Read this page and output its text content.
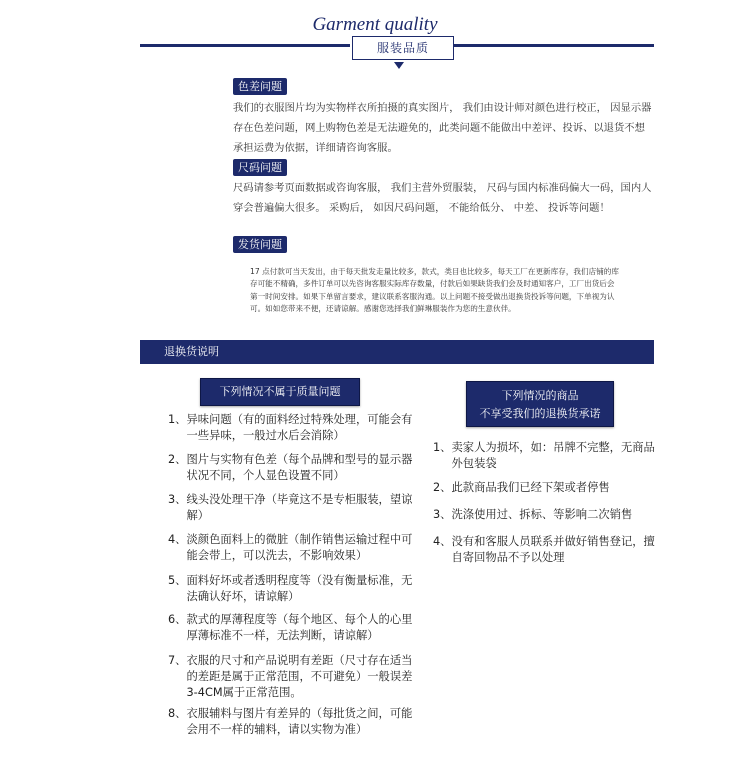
Garment quality
服装品质
色差问题
我们的衣服图片均为实物样衣所拍摄的真实图片， 我们由设计师对颜色进行校正， 因显示器存在色差问题，网上购物色差是无法避免的，此类问题不能做出中差评、投诉、以退货不想承担运费为依据，详细请咨询客服。
尺码问题
尺码请参考页面数据或咨询客服， 我们主营外贸服装， 尺码与国内标准码偏大一码，国内人穿会普遍偏大很多。 采购后， 如因尺码问题， 不能给低分、 中差、 投诉等问题！
发货问题
17 点付款可当天发出，由于每天批发走量比较多，款式，类目也比较多，每天工厂在更新库存，我们店铺的库存可能不精确，多件订单可以先咨询客服实际库存数量，付款后如果缺货我们会及时通知客户，工厂出货后会第一时间安排。如果下单留言要求，建议联系客服沟通。以上问题不接受做出退换货投诉等问题，下单视为认可。如如您带来不便，还请谅解。感谢您选择我们鲜琳服装作为您的生意伙伴。
退换货说明
下列情况不属于质量问题
1、 异味问题（有的面料经过特殊处理，可能会有一些异味，一般过水后会消除）
2、 图片与实物有色差（每个品牌和型号的显示器状况不同，个人显色设置不同）
3、 线头没处理干净（毕竟这不是专柜服装，望谅解）
4、 淡颜色面料上的微脏（制作销售运输过程中可能会带上，可以洗去，不影响效果）
5、 面料好坏或者透明程度等（没有衡量标准，无法确认好坏，请谅解）
6、 款式的厚薄程度等（每个地区、每个人的心里厚薄标准不一样，无法判断，请谅解）
7、 衣服的尺寸和产品说明有差距（尺寸存在适当的差距是属于正常范围，不可避免）一般误差3-4CM属于正常范围。
8、 衣服辅料与图片有差异的（每批货之间，可能会用不一样的辅料，请以实物为准）
下列情况的商品
不享受我们的退换货承诺
1、 卖家人为损坏，如：吊牌不完整，无商品外包装袋
2、 此款商品我们已经下架或者停售
3、 洗涤使用过、拆标、等影响二次销售
4、 没有和客服人员联系并做好销售登记，擅自寄回物品不予以处理
